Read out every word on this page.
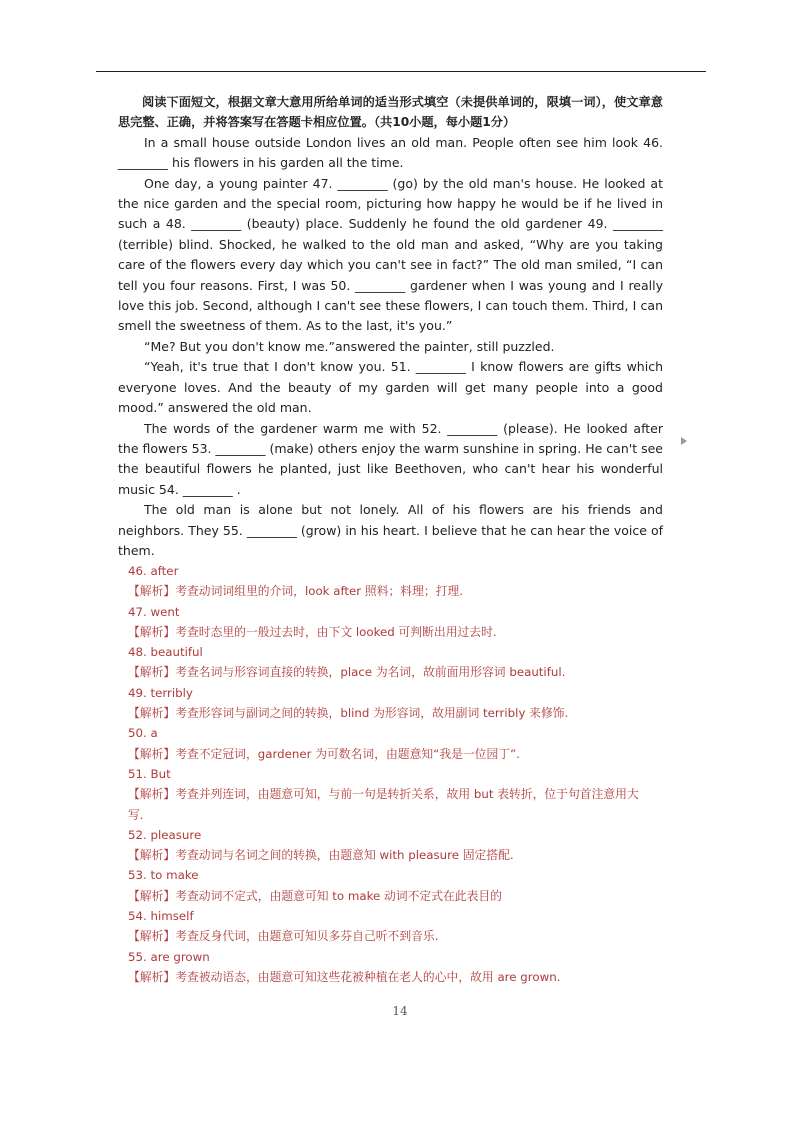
阅读下面短文，根据文章大意用所给单词的适当形式填空（未提供单词的，限填一词），使文章意思完整、正确，并将答案写在答题卡相应位置。（共10小题，每小题1分）

In a small house outside London lives an old man. People often see him look 46. ________ his flowers in his garden all the time.

One day, a young painter 47. ________ (go) by the old man's house. He looked at the nice garden and the special room, picturing how happy he would be if he lived in such a 48. ________ (beauty) place. Suddenly he found the old gardener 49. ________ (terrible) blind. Shocked, he walked to the old man and asked, “Why are you taking care of the flowers every day which you can't see in fact?” The old man smiled, “I can tell you four reasons. First, I was 50. ________ gardener when I was young and I really love this job. Second, although I can't see these flowers, I can touch them. Third, I can smell the sweetness of them. As to the last, it's you.”

“Me? But you don't know me.”answered the painter, still puzzled.

“Yeah, it's true that I don't know you. 51. ________ I know flowers are gifts which everyone loves. And the beauty of my garden will get many people into a good mood.” answered the old man.

The words of the gardener warm me with 52. ________ (please). He looked after the flowers 53. ________ (make) others enjoy the warm sunshine in spring. He can't see the beautiful flowers he planted, just like Beethoven, who can't hear his wonderful music 54. ________ .

The old man is alone but not lonely. All of his flowers are his friends and neighbors. They 55. ________ (grow) in his heart. I believe that he can hear the voice of them.

46. after

【解析】考查动词词组里的介词，look after 照料；料理；打理.

47. went

【解析】考查时态里的一般过去时，由下文 looked 可判断出用过去时.

48. beautiful

【解析】考查名词与形容词直接的转换，place 为名词，故前面用形容词 beautiful.

49. terribly

【解析】考查形容词与副词之间的转换，blind 为形容词，故用副词 terribly 来修饰.

50. a

【解析】考查不定冠词，gardener 为可数名词，由题意知“我是一位园丁”.

51. But

【解析】考查并列连词，由题意可知，与前一句是转折关系，故用 but 表转折，位于句首注意用大写.

52. pleasure

【解析】考查动词与名词之间的转换，由题意知 with pleasure 固定搭配.

53. to make

【解析】考查动词不定式，由题意可知 to make 动词不定式在此表目的

54. himself

【解析】考查反身代词，由题意可知贝多芬自己听不到音乐.

55. are grown

【解析】考查被动语态，由题意可知这些花被种植在老人的心中，故用 are grown.

14
